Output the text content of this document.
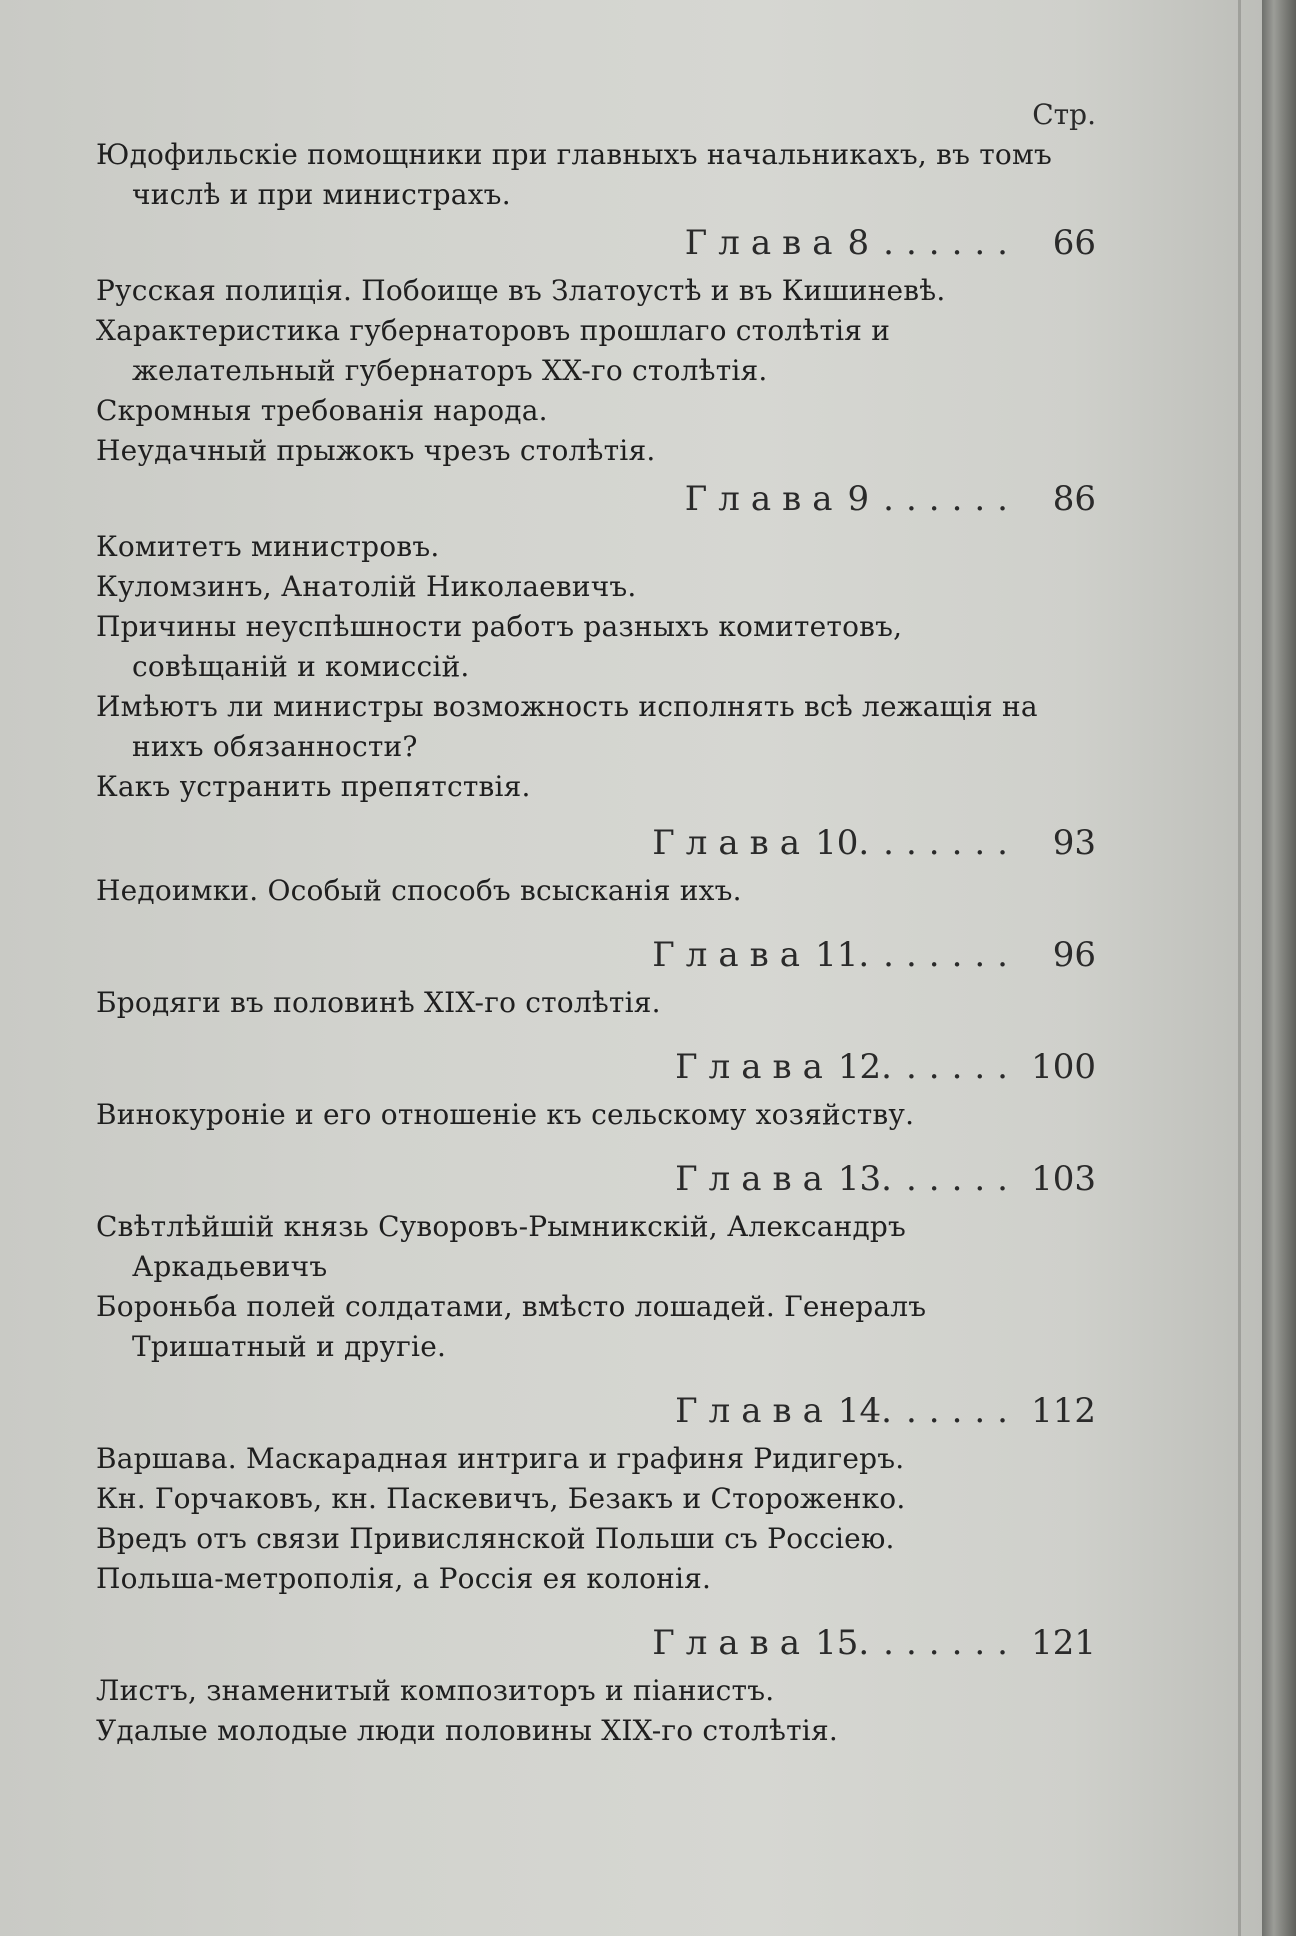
Стр.
Юдофильскіе помощники при главныхъ начальникахъ, въ томъ числѣ и при министрахъ.
Глава 8 ...... 66
Русская полиція. Побоище въ Златоустѣ и въ Кишиневѣ.
Характеристика губернаторовъ прошлаго столѣтія и желательный губернаторъ XX-го столѣтія.
Скромныя требованія народа.
Неудачный прыжокъ чрезъ столѣтія.
Глава 9 ...... 86
Комитетъ министровъ.
Куломзинъ, Анатолій Николаевичъ.
Причины неуспѣшности работъ разныхъ комитетовъ, совѣщаній и комиссій.
Имѣютъ ли министры возможность исполнять всѣ лежащія на нихъ обязанности?
Какъ устранить препятствія.
Глава 10. ...... 93
Недоимки. Особый способъ всысканія ихъ.
Глава 11. ...... 96
Бродяги въ половинѣ XIX-го столѣтія.
Глава 12. ..... 100
Винокуроніе и его отношеніе къ сельскому хозяйству.
Глава 13. ..... 103
Свѣтлѣйшій князь Суворовъ-Рымникскій, Александръ Аркадьевичъ
Бороньба полей солдатами, вмѣсто лошадей. Генералъ Тришатный и другіе.
Глава 14. ..... 112
Варшава. Маскарадная интрига и графиня Ридигеръ.
Кн. Горчаковъ, кн. Паскевичъ, Безакъ и Стороженко.
Вредъ отъ связи Привислянской Польши съ Россіею.
Польша-метрополія, а Россія ея колонія.
Глава 15. ...... 121
Листъ, знаменитый композиторъ и піанистъ.
Удалые молодые люди половины XIX-го столѣтія.
